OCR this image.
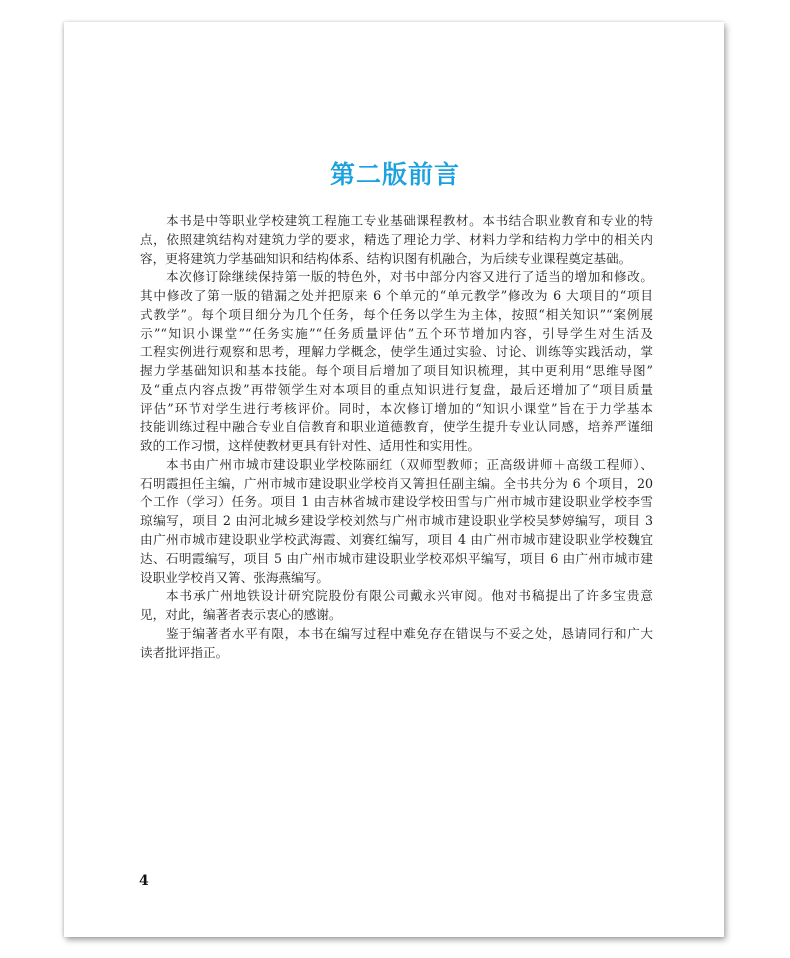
第二版前言
本书是中等职业学校建筑工程施工专业基础课程教材。本书结合职业教育和专业的特
点，依照建筑结构对建筑力学的要求，精选了理论力学、材料力学和结构力学中的相关内
容，更将建筑力学基础知识和结构体系、结构识图有机融合，为后续专业课程奠定基础。
本次修订除继续保持第一版的特色外，对书中部分内容又进行了适当的增加和修改。
其中修改了第一版的错漏之处并把原来 6 个单元的“单元教学”修改为 6 大项目的“项目
式教学”。每个项目细分为几个任务，每个任务以学生为主体，按照“相关知识”“案例展
示”“知识小课堂”“任务实施”“任务质量评估”五个环节增加内容，引导学生对生活及
工程实例进行观察和思考，理解力学概念，使学生通过实验、讨论、训练等实践活动，掌
握力学基础知识和基本技能。每个项目后增加了项目知识梳理，其中更利用“思维导图”
及“重点内容点拨”再带领学生对本项目的重点知识进行复盘，最后还增加了“项目质量
评估”环节对学生进行考核评价。同时，本次修订增加的“知识小课堂”旨在于力学基本
技能训练过程中融合专业自信教育和职业道德教育，使学生提升专业认同感，培养严谨细
致的工作习惯，这样使教材更具有针对性、适用性和实用性。
本书由广州市城市建设职业学校陈丽红（双师型教师；正高级讲师＋高级工程师）、
石明霞担任主编，广州市城市建设职业学校肖又箐担任副主编。全书共分为 6 个项目，20
个工作（学习）任务。项目 1 由吉林省城市建设学校田雪与广州市城市建设职业学校李雪
琼编写，项目 2 由河北城乡建设学校刘然与广州市城市建设职业学校吴梦婷编写，项目 3
由广州市城市建设职业学校武海霞、刘赛红编写，项目 4 由广州市城市建设职业学校魏宜
达、石明霞编写，项目 5 由广州市城市建设职业学校邓炽平编写，项目 6 由广州市城市建
设职业学校肖又箐、张海燕编写。
本书承广州地铁设计研究院股份有限公司戴永兴审阅。他对书稿提出了许多宝贵意
见，对此，编著者表示衷心的感谢。
鉴于编著者水平有限，本书在编写过程中难免存在错误与不妥之处，恳请同行和广大
读者批评指正。
4
